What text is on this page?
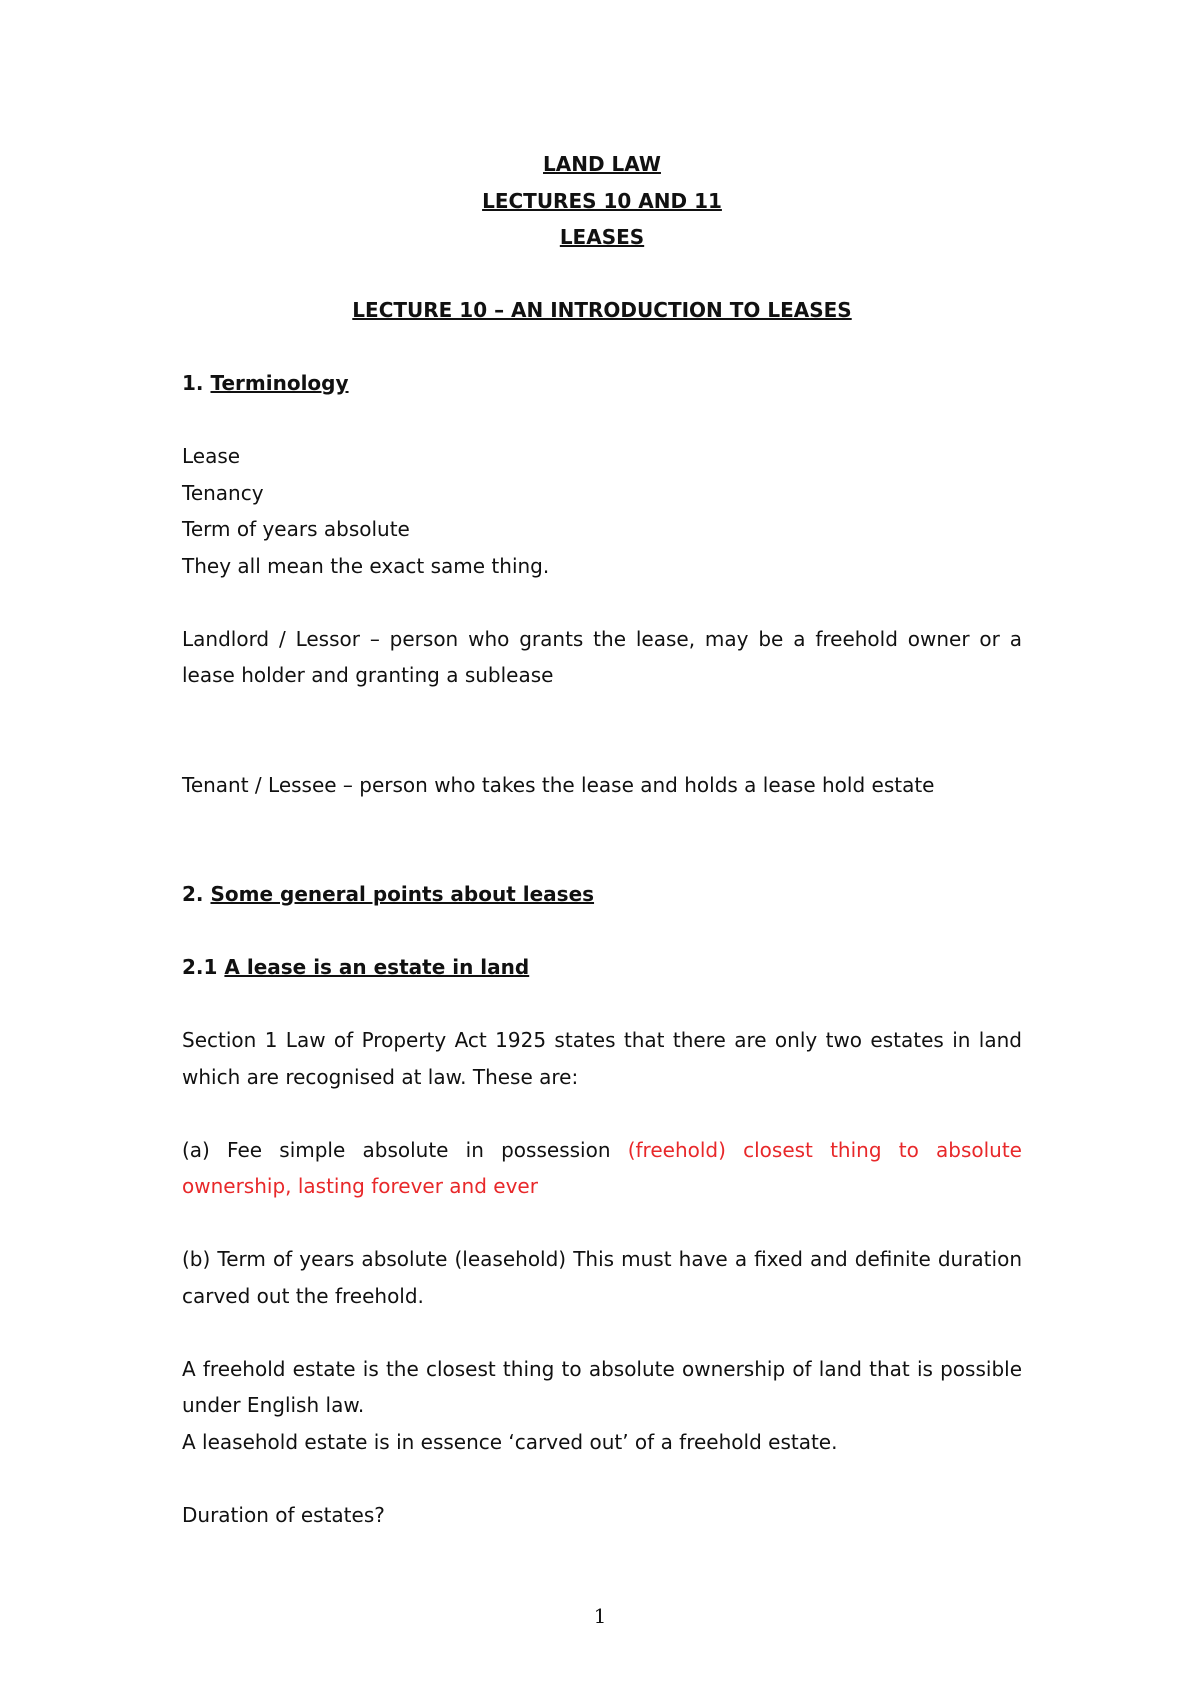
LAND LAW
LECTURES 10 AND 11
LEASES
LECTURE 10 – AN INTRODUCTION TO LEASES

1. Terminology

Lease

Tenancy

Term of years absolute

They all mean the exact same thing.

Landlord / Lessor – person who grants the lease, may be a freehold owner or a lease holder and granting a sublease

Tenant / Lessee – person who takes the lease and holds a lease hold estate

2. Some general points about leases

2.1 A lease is an estate in land

Section 1 Law of Property Act 1925 states that there are only two estates in land which are recognised at law. These are:

(a) Fee simple absolute in possession (freehold) closest thing to absolute ownership, lasting forever and ever

(b) Term of years absolute (leasehold) This must have a fixed and definite duration carved out the freehold.

A freehold estate is the closest thing to absolute ownership of land that is possible under English law.

A leasehold estate is in essence ‘carved out’ of a freehold estate.

Duration of estates?

1
